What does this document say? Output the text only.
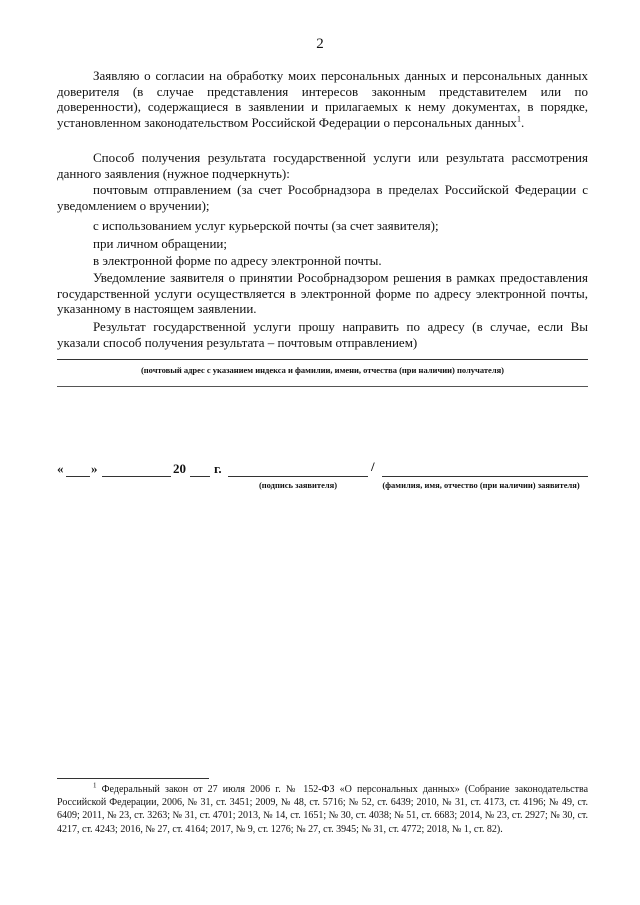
2

Заявляю о согласии на обработку моих персональных данных и персональных данных доверителя (в случае представления интересов законным представителем или по доверенности), содержащиеся в заявлении и прилагаемых к нему документах, в порядке, установленном законодательством Российской Федерации о персональных данных$^1$.

Способ получения результата государственной услуги или результата рассмотрения данного заявления (нужное подчеркнуть):

почтовым отправлением (за счет Рособрнадзора в пределах Российской Федерации с уведомлением о вручении);

с использованием услуг курьерской почты (за счет заявителя);

при личном обращении;

в электронной форме по адресу электронной почты.

Уведомление заявителя о принятии Рособрнадзором решения в рамках предоставления государственной услуги осуществляется в электронной форме по адресу электронной почты, указанному в настоящем заявлении.

Результат государственной услуги прошу направить по адресу (в случае, если Вы указали способ получения результата – почтовым отправлением)

(почтовый адрес с указанием индекса и фамилии, имени, отчества (при наличии) получателя)
« »	20 г.	/
(подпись заявителя)	(фамилия, имя, отчество (при наличии) заявителя)

$^1$ Федеральный закон от 27 июля 2006 г. № 152-ФЗ «О персональных данных» (Собрание законодательства Российской Федерации, 2006, № 31, ст. 3451; 2009, № 48, ст. 5716; № 52, ст. 6439; 2010, № 31, ст. 4173, ст. 4196; № 49, ст. 6409; 2011, № 23, ст. 3263; № 31, ст. 4701; 2013, № 14, ст. 1651; № 30, ст. 4038; № 51, ст. 6683; 2014, № 23, ст. 2927; № 30, ст. 4217, ст. 4243; 2016, № 27, ст. 4164; 2017, № 9, ст. 1276; № 27, ст. 3945; № 31, ст. 4772; 2018, № 1, ст. 82).
